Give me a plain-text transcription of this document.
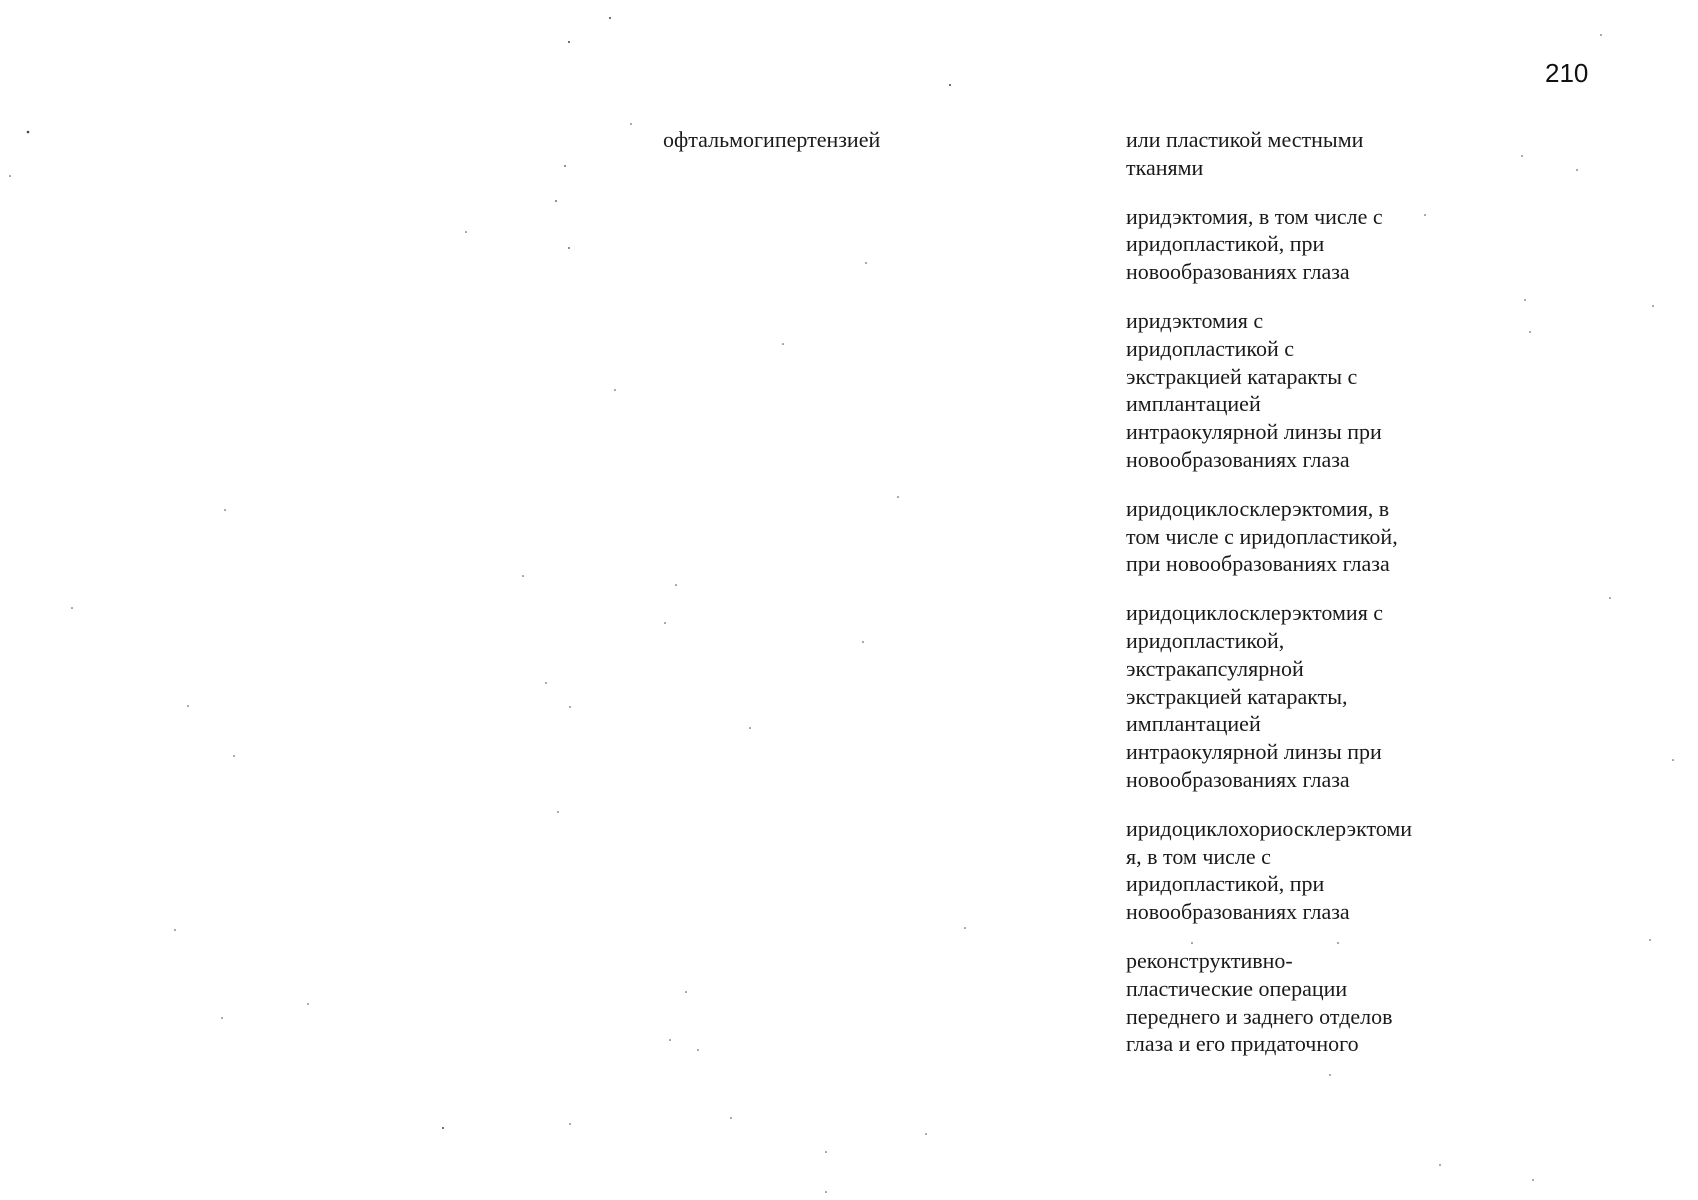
210
офтальмогипертензией	или пластикой местными
тканями
иридэктомия, в том числе с
иридопластикой, при
новообразованиях глаза
иридэктомия с
иридопластикой с
экстракцией катаракты с
имплантацией
интраокулярной линзы при
новообразованиях глаза
иридоциклосклерэктомия, в
том числе с иридопластикой,
при новообразованиях глаза
иридоциклосклерэктомия с
иридопластикой,
экстракапсулярной
экстракцией катаракты,
имплантацией
интраокулярной линзы при
новообразованиях глаза
иридоциклохориосклерэктоми
я, в том числе с
иридопластикой, при
новообразованиях глаза
реконструктивно-
пластические операции
переднего и заднего отделов
глаза и его придаточного
